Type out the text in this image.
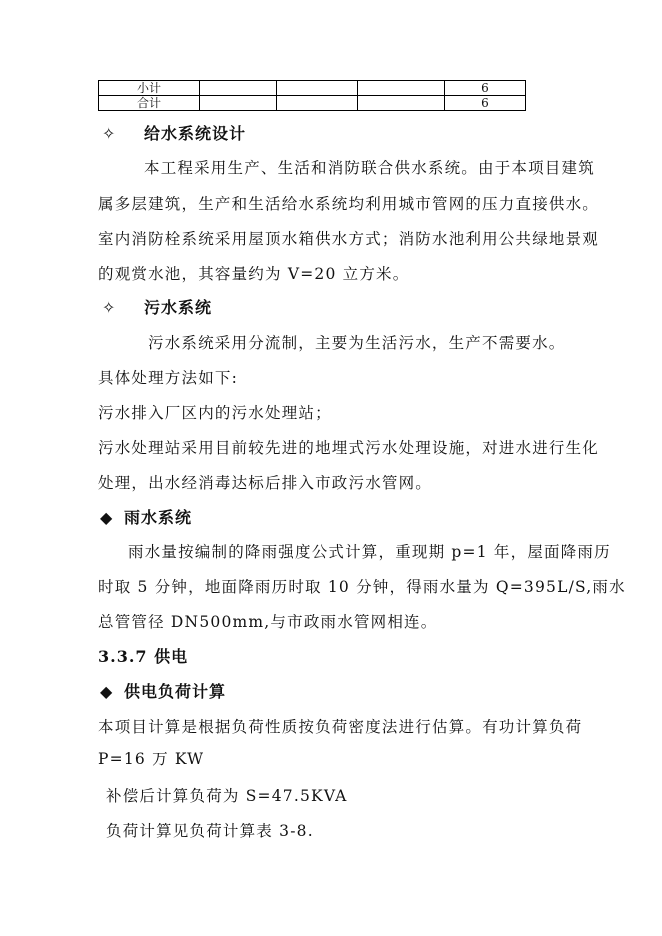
小计				6
合计				6
✧ 给水系统设计
本工程采用生产、生活和消防联合供水系统。由于本项目建筑
属多层建筑，生产和生活给水系统均利用城市管网的压力直接供水。
室内消防栓系统采用屋顶水箱供水方式；消防水池利用公共绿地景观
的观赏水池，其容量约为 V=20 立方米。
✧ 污水系统
污水系统采用分流制，主要为生活污水，生产不需要水。
具体处理方法如下:
污水排入厂区内的污水处理站；
污水处理站采用目前较先进的地埋式污水处理设施，对进水进行生化
处理，出水经消毒达标后排入市政污水管网。
◆ 雨水系统
雨水量按编制的降雨强度公式计算，重现期 p=1 年，屋面降雨历
时取 5 分钟，地面降雨历时取 10 分钟，得雨水量为 Q=395L/S,雨水
总管管径 DN500mm,与市政雨水管网相连。
3.3.7 供电
◆ 供电负荷计算
本项目计算是根据负荷性质按负荷密度法进行估算。有功计算负荷
P=16 万 KW
补偿后计算负荷为 S=47.5KVA
负荷计算见负荷计算表 3-8.
